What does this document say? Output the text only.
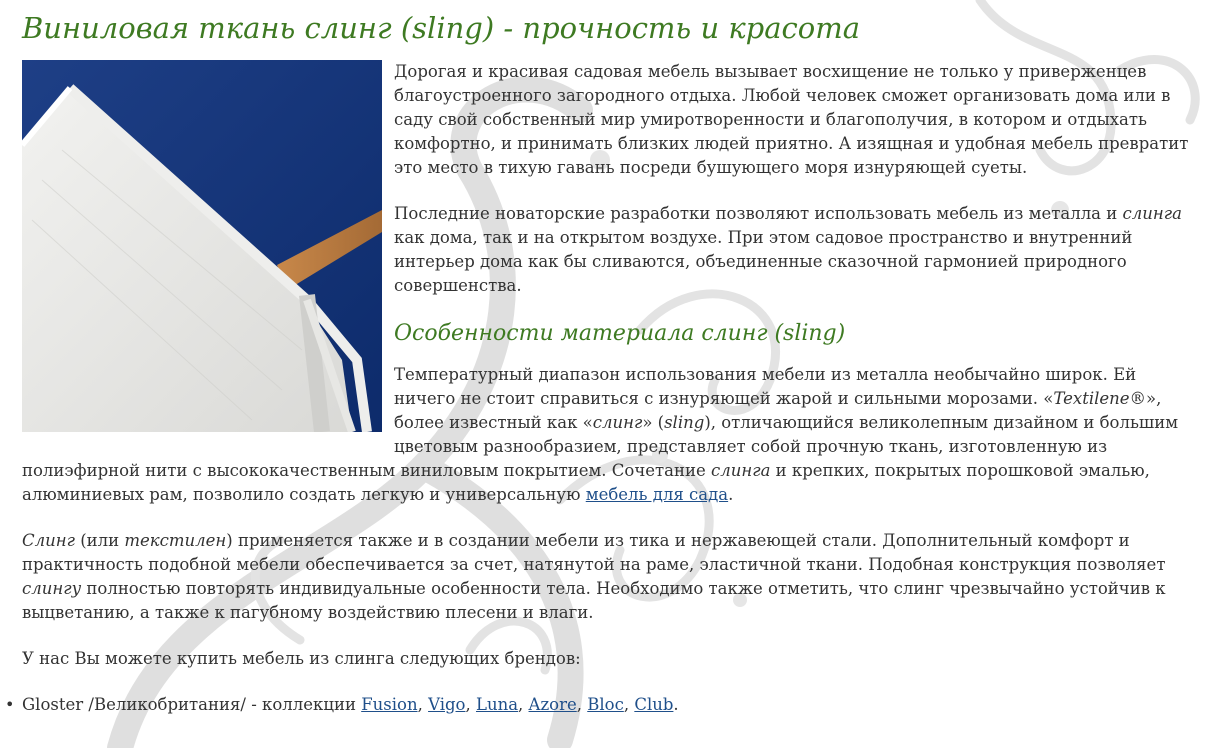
Виниловая ткань слинг (sling) - прочность и красота

Дорогая и красивая садовая мебель вызывает восхищение не только у приверженцев благоустроенного загородного отдыха. Любой человек сможет организовать дома или в саду свой собственный мир умиротворенности и благополучия, в котором и отдыхать комфортно, и принимать близких людей приятно. А изящная и удобная мебель превратит это место в тихую гавань посреди бушующего моря изнуряющей суеты.

Последние новаторские разработки позволяют использовать мебель из металла и слинга как дома, так и на открытом воздухе. При этом садовое пространство и внутренний интерьер дома как бы сливаются, объединенные сказочной гармонией природного совершенства.

Особенности материала слинг (sling)

Температурный диапазон использования мебели из металла необычайно широк. Ей ничего не стоит справиться с изнуряющей жарой и сильными морозами. «Textilene®», более известный как «слинг» (sling), отличающийся великолепным дизайном и большим цветовым разнообразием, представляет собой прочную ткань, изготовленную из полиэфирной нити с высококачественным виниловым покрытием. Сочетание слинга и крепких, покрытых порошковой эмалью, алюминиевых рам, позволило создать легкую и универсальную мебель для сада.

Слинг (или текстилен) применяется также и в создании мебели из тика и нержавеющей стали. Дополнительный комфорт и практичность подобной мебели обеспечивается за счет, натянутой на раме, эластичной ткани. Подобная конструкция позволяет слингу полностью повторять индивидуальные особенности тела. Необходимо также отметить, что слинг чрезвычайно устойчив к выцветанию, а также к пагубному воздействию плесени и влаги.

У нас Вы можете купить мебель из слинга следующих брендов:

• Gloster /Великобритания/ - коллекции Fusion, Vigo, Luna, Azore, Bloc, Club.
